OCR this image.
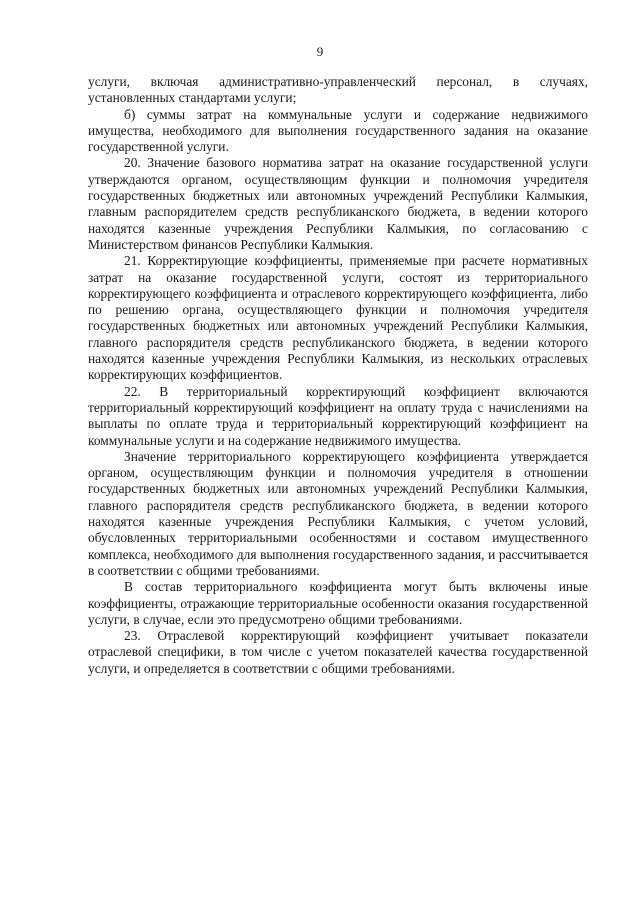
9

услуги, включая административно-управленческий персонал, в случаях, установленных стандартами услуги;

б) суммы затрат на коммунальные услуги и содержание недвижимого имущества, необходимого для выполнения государственного задания на оказание государственной услуги.

20. Значение базового норматива затрат на оказание государственной услуги утверждаются органом, осуществляющим функции и полномочия учредителя государственных бюджетных или автономных учреждений Республики Калмыкия, главным распорядителем средств республиканского бюджета, в ведении которого находятся казенные учреждения Республики Калмыкия, по согласованию с Министерством финансов Республики Калмыкия.

21. Корректирующие коэффициенты, применяемые при расчете нормативных затрат на оказание государственной услуги, состоят из территориального корректирующего коэффициента и отраслевого корректирующего коэффициента, либо по решению органа, осуществляющего функции и полномочия учредителя государственных бюджетных или автономных учреждений Республики Калмыкия, главного распорядителя средств республиканского бюджета, в ведении которого находятся казенные учреждения Республики Калмыкия, из нескольких отраслевых корректирующих коэффициентов.

22. В территориальный корректирующий коэффициент включаются территориальный корректирующий коэффициент на оплату труда с начислениями на выплаты по оплате труда и территориальный корректирующий коэффициент на коммунальные услуги и на содержание недвижимого имущества.

Значение территориального корректирующего коэффициента утверждается органом, осуществляющим функции и полномочия учредителя в отношении государственных бюджетных или автономных учреждений Республики Калмыкия, главного распорядителя средств республиканского бюджета, в ведении которого находятся казенные учреждения Республики Калмыкия, с учетом условий, обусловленных территориальными особенностями и составом имущественного комплекса, необходимого для выполнения государственного задания, и рассчитывается в соответствии с общими требованиями.

В состав территориального коэффициента могут быть включены иные коэффициенты, отражающие территориальные особенности оказания государственной услуги, в случае, если это предусмотрено общими требованиями.

23. Отраслевой корректирующий коэффициент учитывает показатели отраслевой специфики, в том числе с учетом показателей качества государственной услуги, и определяется в соответствии с общими требованиями.
